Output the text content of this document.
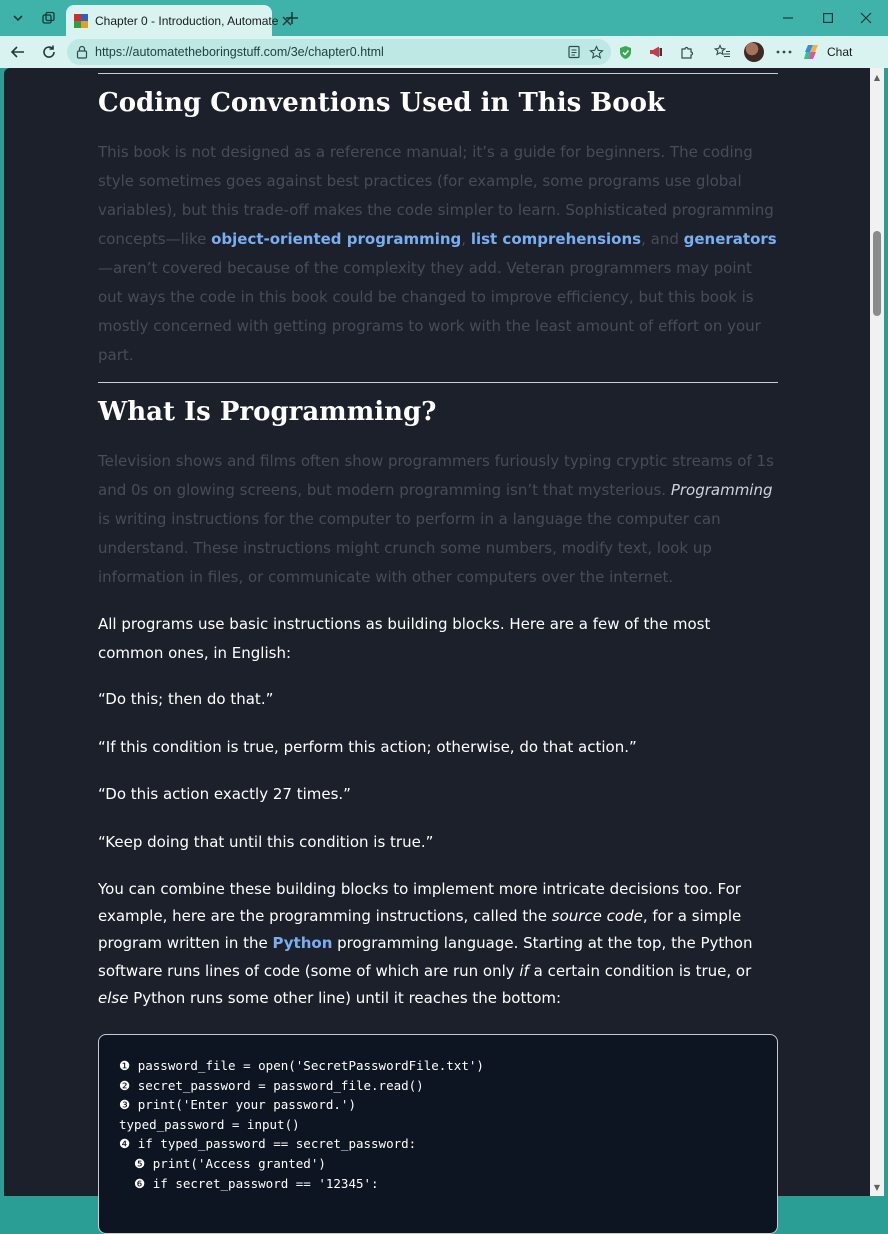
Chapter 0 - Introduction, Automate
https://automatetheboringstuff.com/3e/chapter0.html	Chat
Coding Conventions Used in This Book

This book is not designed as a reference manual; it’s a guide for beginners. The coding style sometimes goes against best practices (for example, some programs use global variables), but this trade-off makes the code simpler to learn. Sophisticated programming concepts—like object-oriented programming, list comprehensions, and generators—aren’t covered because of the complexity they add. Veteran programmers may point out ways the code in this book could be changed to improve efficiency, but this book is mostly concerned with getting programs to work with the least amount of effort on your part.

What Is Programming?

Television shows and films often show programmers furiously typing cryptic streams of 1s and 0s on glowing screens, but modern programming isn’t that mysterious. Programming is writing instructions for the computer to perform in a language the computer can understand. These instructions might crunch some numbers, modify text, look up information in files, or communicate with other computers over the internet.

All programs use basic instructions as building blocks. Here are a few of the most common ones, in English:

“Do this; then do that.”

“If this condition is true, perform this action; otherwise, do that action.”

“Do this action exactly 27 times.”

“Keep doing that until this condition is true.”

You can combine these building blocks to implement more intricate decisions too. For example, here are the programming instructions, called the source code, for a simple program written in the Python programming language. Starting at the top, the Python software runs lines of code (some of which are run only if a certain condition is true, or else Python runs some other line) until it reaches the bottom:

❶ password_file = open('SecretPasswordFile.txt')
❷ secret_password = password_file.read()
❸ print('Enter your password.')
typed_password = input()
❹ if typed_password == secret_password:
❺ print('Access granted')
❻ if secret_password == '12345':
▲
▼
